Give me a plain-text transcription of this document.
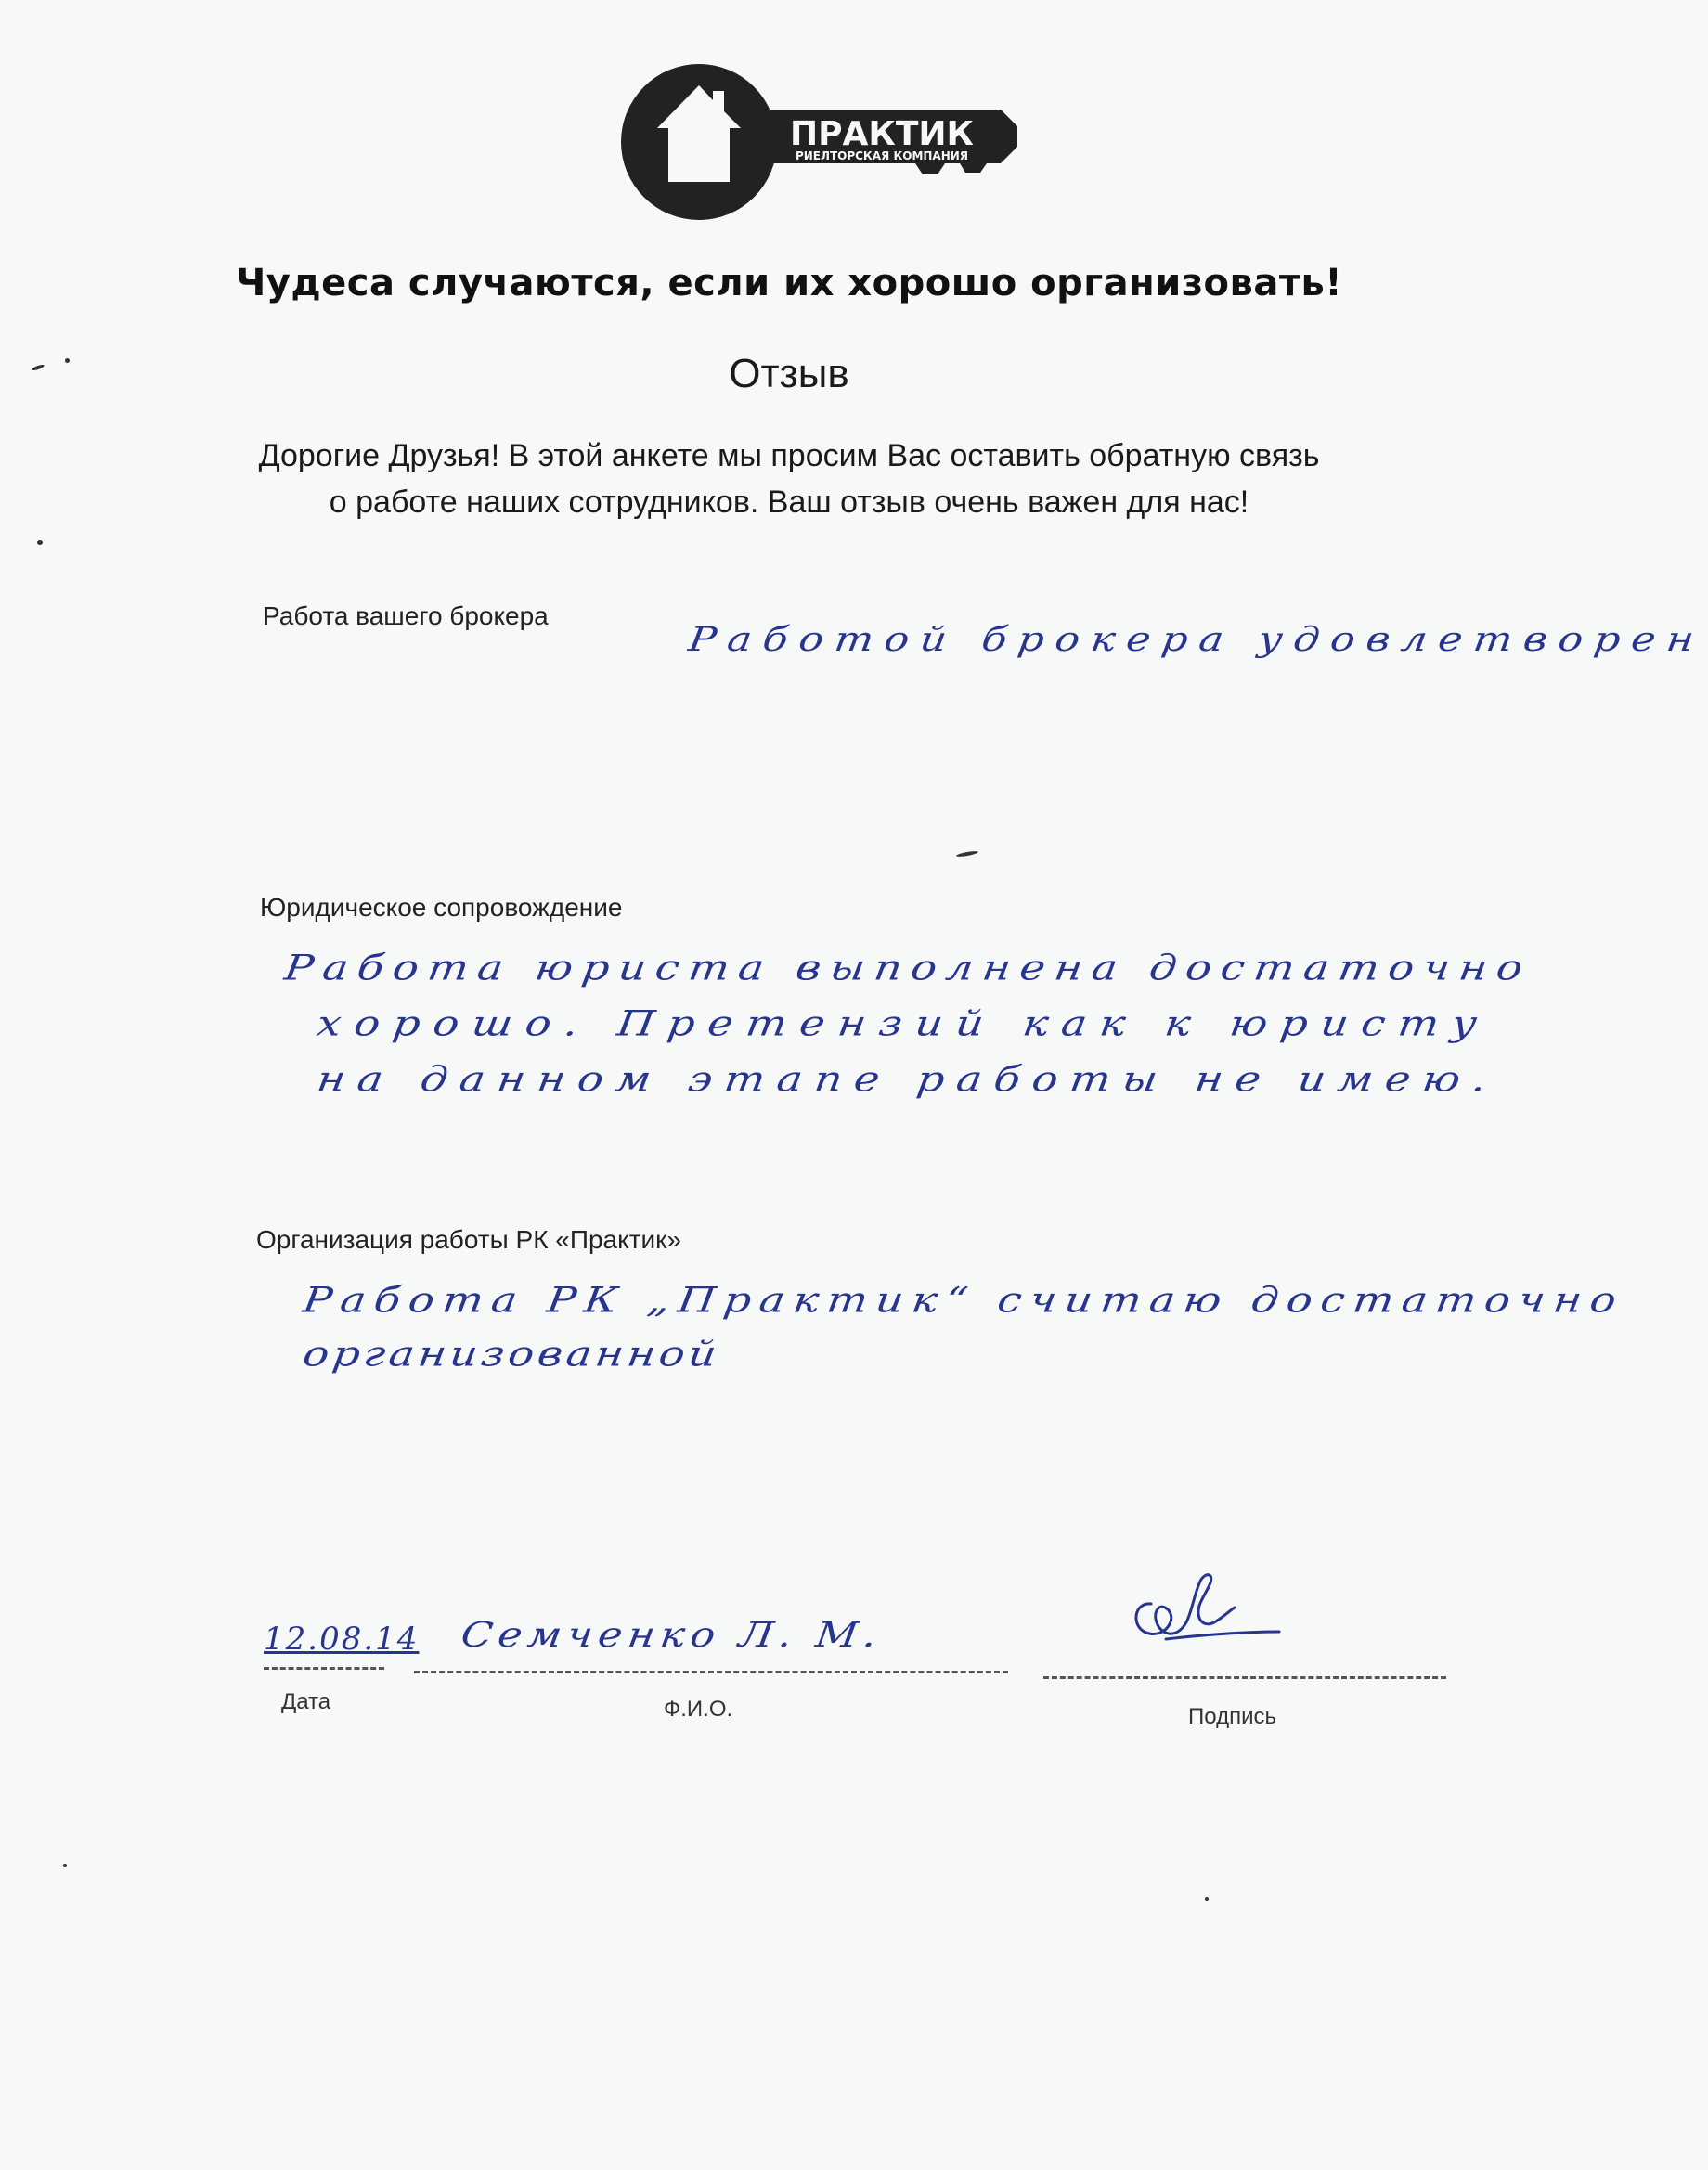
ПРАКТИК
РИЕЛТОРСКАЯ КОМПАНИЯ
Чудеса случаются, если их хорошо организовать!
Отзыв
Дорогие Друзья! В этой анкете мы просим Вас оставить обратную связь
о работе наших сотрудников. Ваш отзыв очень важен для нас!
Работа вашего брокера
Работой брокера удовлетворен
Юридическое сопровождение
Работа юриста выполнена достаточно
хорошо. Претензий как к юристу
на данном этапе работы не имею.
Организация работы РК «Практик»
Работа РК „Практик“ считаю достаточно
организованной
12.08.14
Дата
Семченко Л. М.
Ф.И.О.	Подпись
